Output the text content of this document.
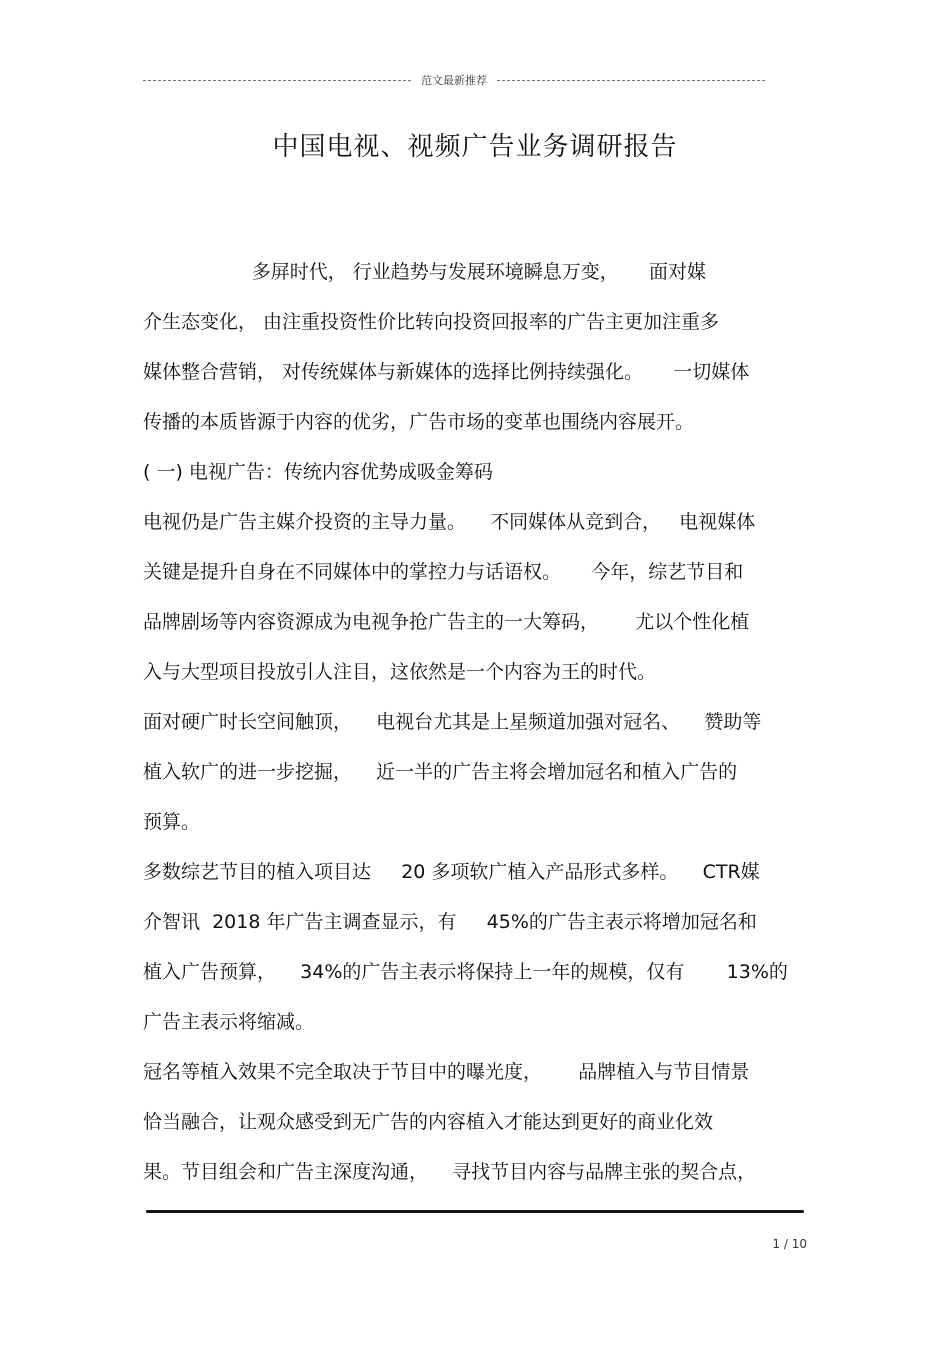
范文最新推荐
中国电视、视频广告业务调研报告
多屏时代， 行业趋势与发展环境瞬息万变，     面对媒
介生态变化， 由注重投资性价比转向投资回报率的广告主更加注重多
媒体整合营销， 对传统媒体与新媒体的选择比例持续强化。     一切媒体
传播的本质皆源于内容的优劣，广告市场的变革也围绕内容展开。
( 一) 电视广告：传统内容优势成吸金筹码
电视仍是广告主媒介投资的主导力量。    不同媒体从竞到合，   电视媒体
关键是提升自身在不同媒体中的掌控力与话语权。     今年，综艺节目和
品牌剧场等内容资源成为电视争抢广告主的一大筹码，      尤以个性化植
入与大型项目投放引人注目，这依然是一个内容为王的时代。
面对硬广时长空间触顶，    电视台尤其是上星频道加强对冠名、    赞助等
植入软广的进一步挖掘，    近一半的广告主将会增加冠名和植入广告的
预算。
多数综艺节目的植入项目达     20 多项软广植入产品形式多样。    CTR媒
介智讯  2018 年广告主调查显示，有     45%的广告主表示将增加冠名和
植入广告预算，    34%的广告主表示将保持上一年的规模，仅有       13%的
广告主表示将缩减。
冠名等植入效果不完全取决于节目中的曝光度，      品牌植入与节目情景
恰当融合，让观众感受到无广告的内容植入才能达到更好的商业化效
果。节目组会和广告主深度沟通，    寻找节目内容与品牌主张的契合点，
1 / 10
